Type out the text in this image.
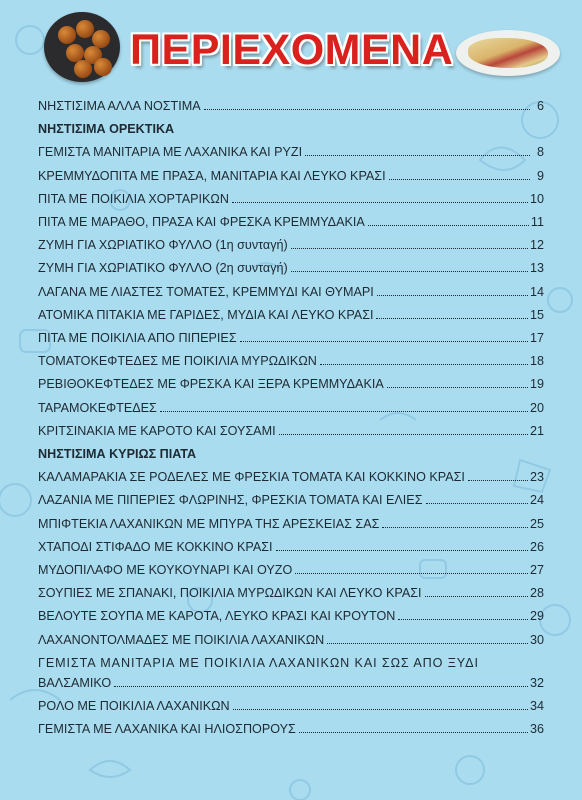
ΠΕΡΙΕΧΟΜΕΝΑ
ΝΗΣΤΙΣΙΜΑ ΑΛΛΑ ΝΟΣΤΙΜΑ	6
ΝΗΣΤΙΣΙΜΑ ΟΡΕΚΤΙΚΑ
ΓΕΜΙΣΤΑ ΜΑΝΙΤΑΡΙΑ ΜΕ ΛΑΧΑΝΙΚΑ ΚΑΙ ΡΥΖΙ	8
ΚΡΕΜΜΥΔΟΠΙΤΑ ΜΕ ΠΡΑΣΑ, ΜΑΝΙΤΑΡΙΑ ΚΑΙ ΛΕΥΚΟ ΚΡΑΣΙ	9
ΠΙΤΑ ΜΕ ΠΟΙΚΙΛΙΑ ΧΟΡΤΑΡΙΚΩΝ	10
ΠΙΤΑ ΜΕ ΜΑΡΑΘΟ, ΠΡΑΣΑ ΚΑΙ ΦΡΕΣΚΑ ΚΡΕΜΜΥΔΑΚΙΑ	11
ΖΥΜΗ ΓΙΑ ΧΩΡΙΑΤΙΚΟ ΦΥΛΛΟ (1η συνταγή)	12
ΖΥΜΗ ΓΙΑ ΧΩΡΙΑΤΙΚΟ ΦΥΛΛΟ (2η συνταγή)	13
ΛΑΓΑΝΑ ΜΕ ΛΙΑΣΤΕΣ ΤΟΜΑΤΕΣ, ΚΡΕΜΜΥΔΙ ΚΑΙ ΘΥΜΑΡΙ	14
ΑΤΟΜΙΚΑ ΠΙΤΑΚΙΑ ΜΕ ΓΑΡΙΔΕΣ, ΜΥΔΙΑ ΚΑΙ ΛΕΥΚΟ ΚΡΑΣΙ	15
ΠΙΤΑ ΜΕ ΠΟΙΚΙΛΙΑ ΑΠΟ ΠΙΠΕΡΙΕΣ	17
ΤΟΜΑΤΟΚΕΦΤΕΔΕΣ ΜΕ ΠΟΙΚΙΛΙΑ ΜΥΡΩΔΙΚΩΝ	18
ΡΕΒΙΘΟΚΕΦΤΕΔΕΣ ΜΕ ΦΡΕΣΚΑ ΚΑΙ ΞΕΡΑ ΚΡΕΜΜΥΔΑΚΙΑ	19
ΤΑΡΑΜΟΚΕΦΤΕΔΕΣ	20
ΚΡΙΤΣΙΝΑΚΙΑ ΜΕ ΚΑΡΟΤΟ ΚΑΙ ΣΟΥΣΑΜΙ	21
ΝΗΣΤΙΣΙΜΑ ΚΥΡΙΩΣ ΠΙΑΤΑ
ΚΑΛΑΜΑΡΑΚΙΑ ΣΕ ΡΟΔΕΛΕΣ ΜΕ ΦΡΕΣΚΙΑ ΤΟΜΑΤΑ ΚΑΙ ΚΟΚΚΙΝΟ ΚΡΑΣΙ	23
ΛΑΖΑΝΙΑ ΜΕ ΠΙΠΕΡΙΕΣ ΦΛΩΡΙΝΗΣ, ΦΡΕΣΚΙΑ ΤΟΜΑΤΑ ΚΑΙ ΕΛΙΕΣ	24
ΜΠΙΦΤΕΚΙΑ ΛΑΧΑΝΙΚΩΝ ΜΕ ΜΠΥΡΑ ΤΗΣ ΑΡΕΣΚΕΙΑΣ ΣΑΣ	25
ΧΤΑΠΟΔΙ ΣΤΙΦΑΔΟ ΜΕ ΚΟΚΚΙΝΟ ΚΡΑΣΙ	26
ΜΥΔΟΠΙΛΑΦΟ ΜΕ ΚΟΥΚΟΥΝΑΡΙ ΚΑΙ ΟΥΖΟ	27
ΣΟΥΠΙΕΣ ΜΕ ΣΠΑΝΑΚΙ, ΠΟΙΚΙΛΙΑ ΜΥΡΩΔΙΚΩΝ ΚΑΙ ΛΕΥΚΟ ΚΡΑΣΙ	28
ΒΕΛΟΥΤΕ ΣΟΥΠΑ ΜΕ ΚΑΡΟΤΑ, ΛΕΥΚΟ ΚΡΑΣΙ ΚΑΙ ΚΡΟΥΤΟΝ	29
ΛΑΧΑΝΟΝΤΟΛΜΑΔΕΣ ΜΕ ΠΟΙΚΙΛΙΑ ΛΑΧΑΝΙΚΩΝ	30
ΓΕΜΙΣΤΑ ΜΑΝΙΤΑΡΙΑ ΜΕ ΠΟΙΚΙΛΙΑ ΛΑΧΑΝΙΚΩΝ ΚΑΙ ΣΩΣ ΑΠΟ ΞΥΔΙ
ΒΑΛΣΑΜΙΚΟ	32
ΡΟΛΟ ΜΕ ΠΟΙΚΙΛΙΑ ΛΑΧΑΝΙΚΩΝ	34
ΓΕΜΙΣΤΑ ΜΕ ΛΑΧΑΝΙΚΑ ΚΑΙ ΗΛΙΟΣΠΟΡΟΥΣ	36
